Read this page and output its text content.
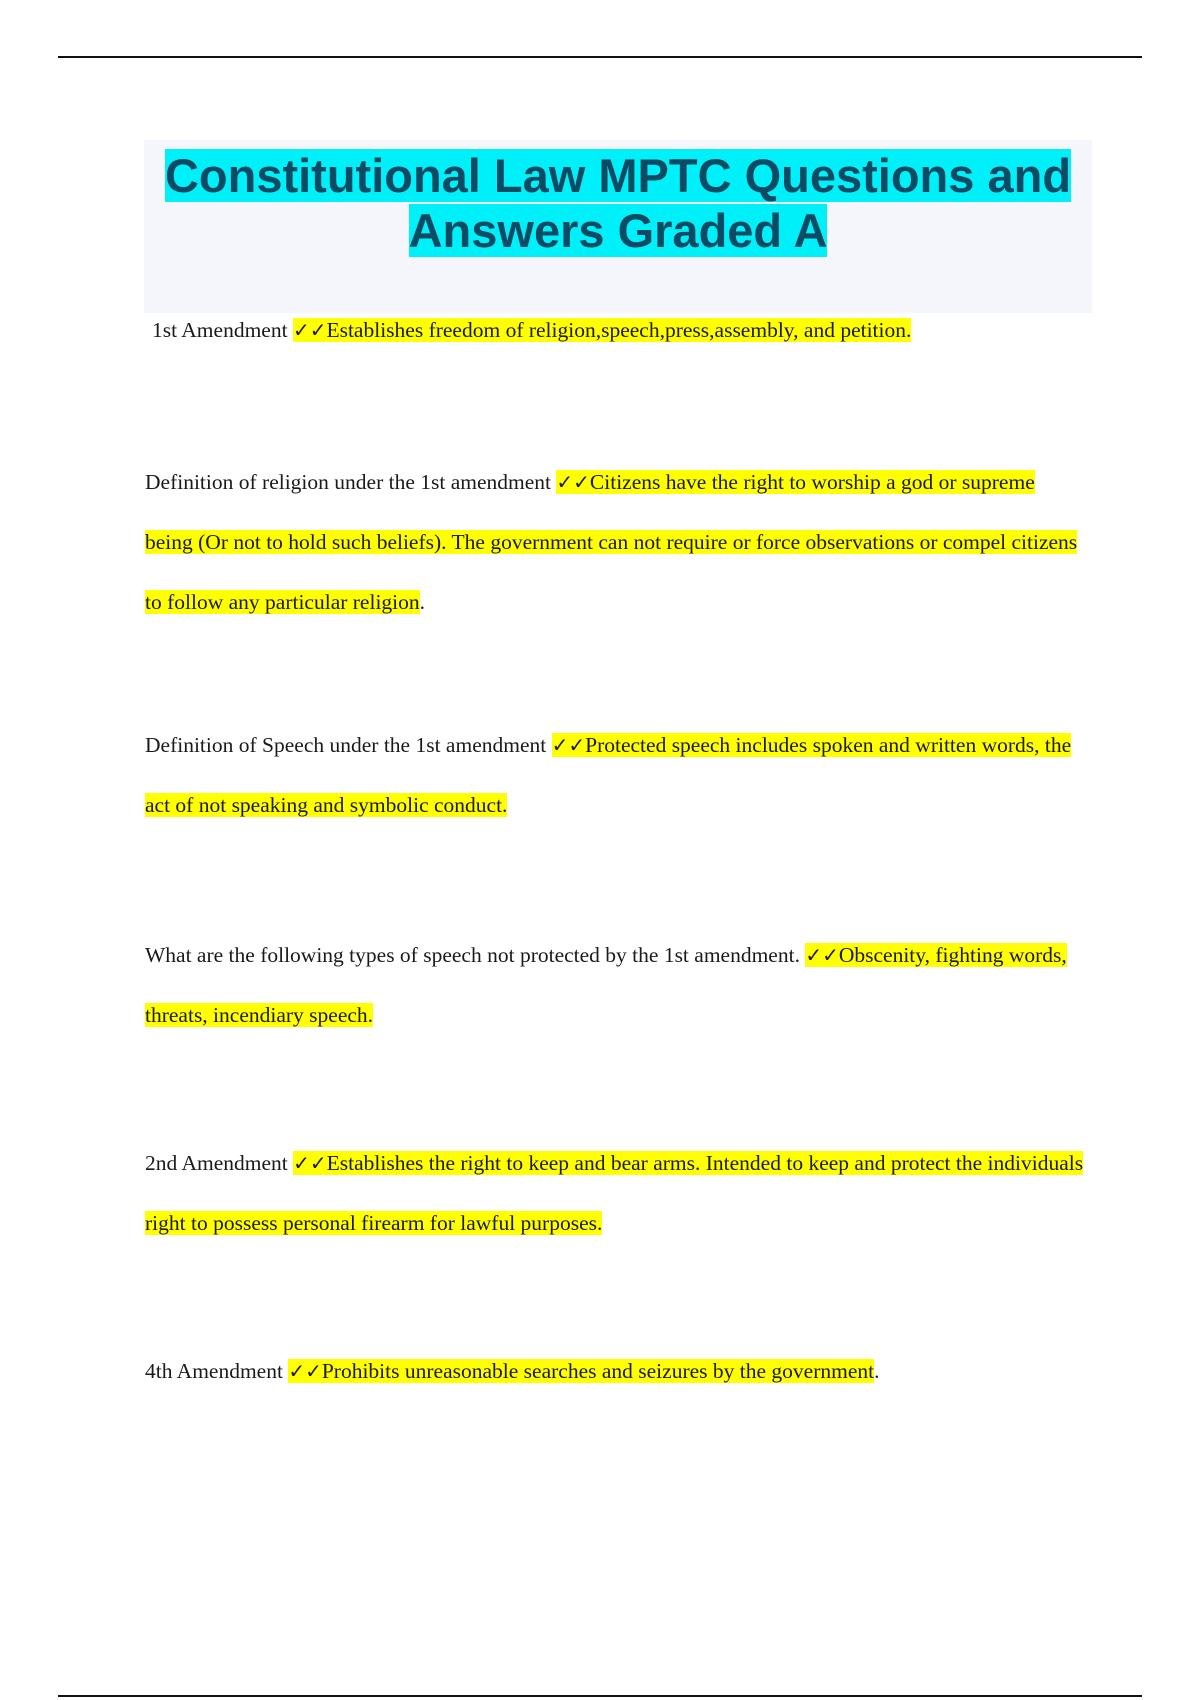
Constitutional Law MPTC Questions and
Answers Graded A

1st Amendment ✓✓Establishes freedom of religion,speech,press,assembly, and petition.

Definition of religion under the 1st amendment ✓✓Citizens have the right to worship a god or supreme being (Or not to hold such beliefs). The government can not require or force observations or compel citizens to follow any particular religion.

Definition of Speech under the 1st amendment ✓✓Protected speech includes spoken and written words, the act of not speaking and symbolic conduct.

What are the following types of speech not protected by the 1st amendment. ✓✓Obscenity, fighting words, threats, incendiary speech.

2nd Amendment ✓✓Establishes the right to keep and bear arms. Intended to keep and protect the individuals right to possess personal firearm for lawful purposes.

4th Amendment ✓✓Prohibits unreasonable searches and seizures by the government.
